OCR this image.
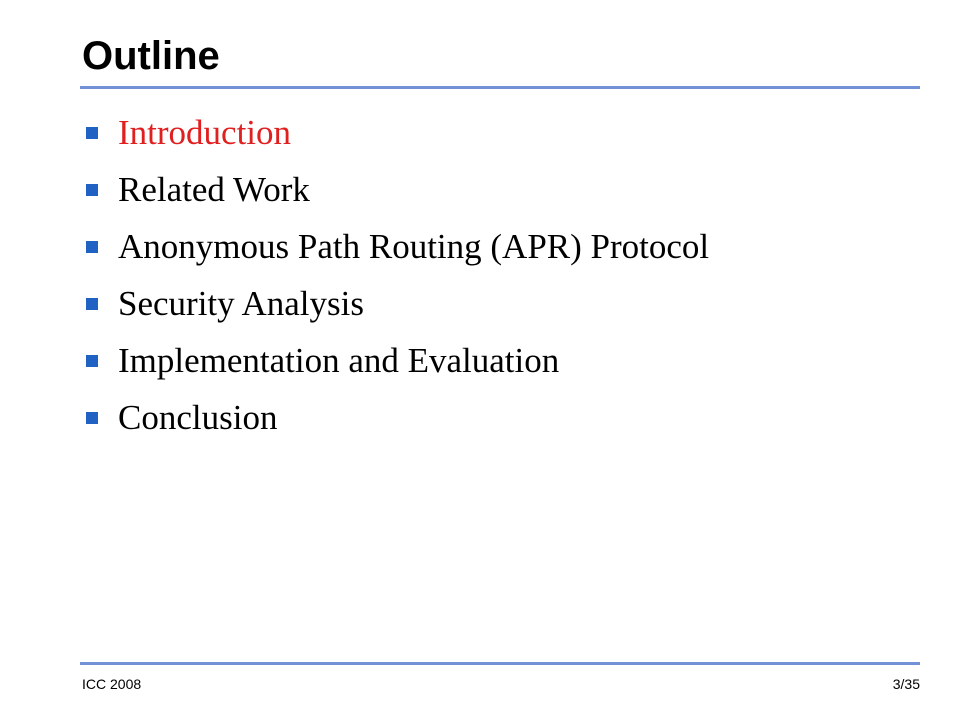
Outline
Introduction
Related Work
Anonymous Path Routing (APR) Protocol
Security Analysis
Implementation and Evaluation
Conclusion
ICC 2008	3/35
